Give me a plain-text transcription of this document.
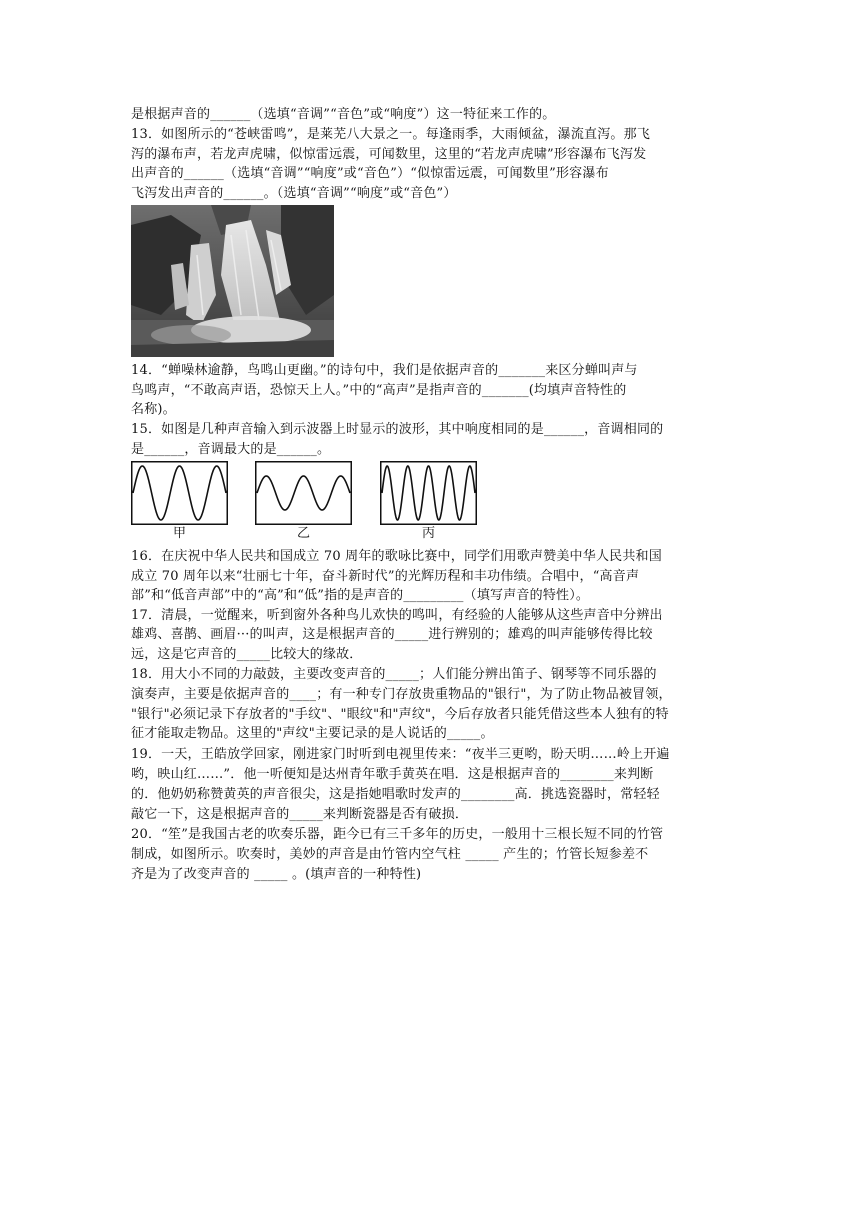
是根据声音的______（选填“音调”“音色”或“响度”）这一特征来工作的。
13．如图所示的“苍峡雷鸣”，是莱芜八大景之一。每逢雨季，大雨倾盆，瀑流直泻。那飞
泻的瀑布声，若龙声虎啸，似惊雷远震，可闻数里，这里的“若龙声虎啸”形容瀑布飞泻发
出声音的______（选填“音调”“响度”或“音色”）“似惊雷远震，可闻数里”形容瀑布
飞泻发出声音的______。（选填“音调”“响度”或“音色”）
14．“蝉噪林逾静，鸟鸣山更幽。”的诗句中，我们是依据声音的_______来区分蝉叫声与
鸟鸣声，“不敢高声语，恐惊天上人。”中的“高声”是指声音的_______(均填声音特性的
名称)。
15．如图是几种声音输入到示波器上时显示的波形，其中响度相同的是______，音调相同的
是______，音调最大的是______。
甲	乙	丙
16．在庆祝中华人民共和国成立 70 周年的歌咏比赛中，同学们用歌声赞美中华人民共和国
成立 70 周年以来“壮丽七十年，奋斗新时代”的光辉历程和丰功伟绩。合唱中，“高音声
部”和“低音声部”中的“高”和“低”指的是声音的_________（填写声音的特性）。
17．清晨，一觉醒来，听到窗外各种鸟儿欢快的鸣叫，有经验的人能够从这些声音中分辨出
雄鸡、喜鹊、画眉···的叫声，这是根据声音的_____进行辨别的；雄鸡的叫声能够传得比较
远，这是它声音的_____比较大的缘故．
18．用大小不同的力敲鼓，主要改变声音的_____；人们能分辨出笛子、钢琴等不同乐器的
演奏声，主要是依据声音的____；有一种专门存放贵重物品的"银行"，为了防止物品被冒领，
"银行"必须记录下存放者的"手纹"、"眼纹"和"声纹"，今后存放者只能凭借这些本人独有的特
征才能取走物品。这里的"声纹"主要记录的是人说话的_____。
19．一天，王皓放学回家，刚进家门时听到电视里传来：“夜半三更哟，盼天明……岭上开遍
哟，映山红……”．他一听便知是达州青年歌手黄英在唱．这是根据声音的________来判断
的．他奶奶称赞黄英的声音很尖，这是指她唱歌时发声的________高．挑选瓷器时，常轻轻
敲它一下，这是根据声音的_____来判断瓷器是否有破损．
20．“笙”是我国古老的吹奏乐器，距今已有三千多年的历史，一般用十三根长短不同的竹管
制成，如图所示。吹奏时，美妙的声音是由竹管内空气柱 _____ 产生的；竹管长短参差不
齐是为了改变声音的 _____ 。(填声音的一种特性)
